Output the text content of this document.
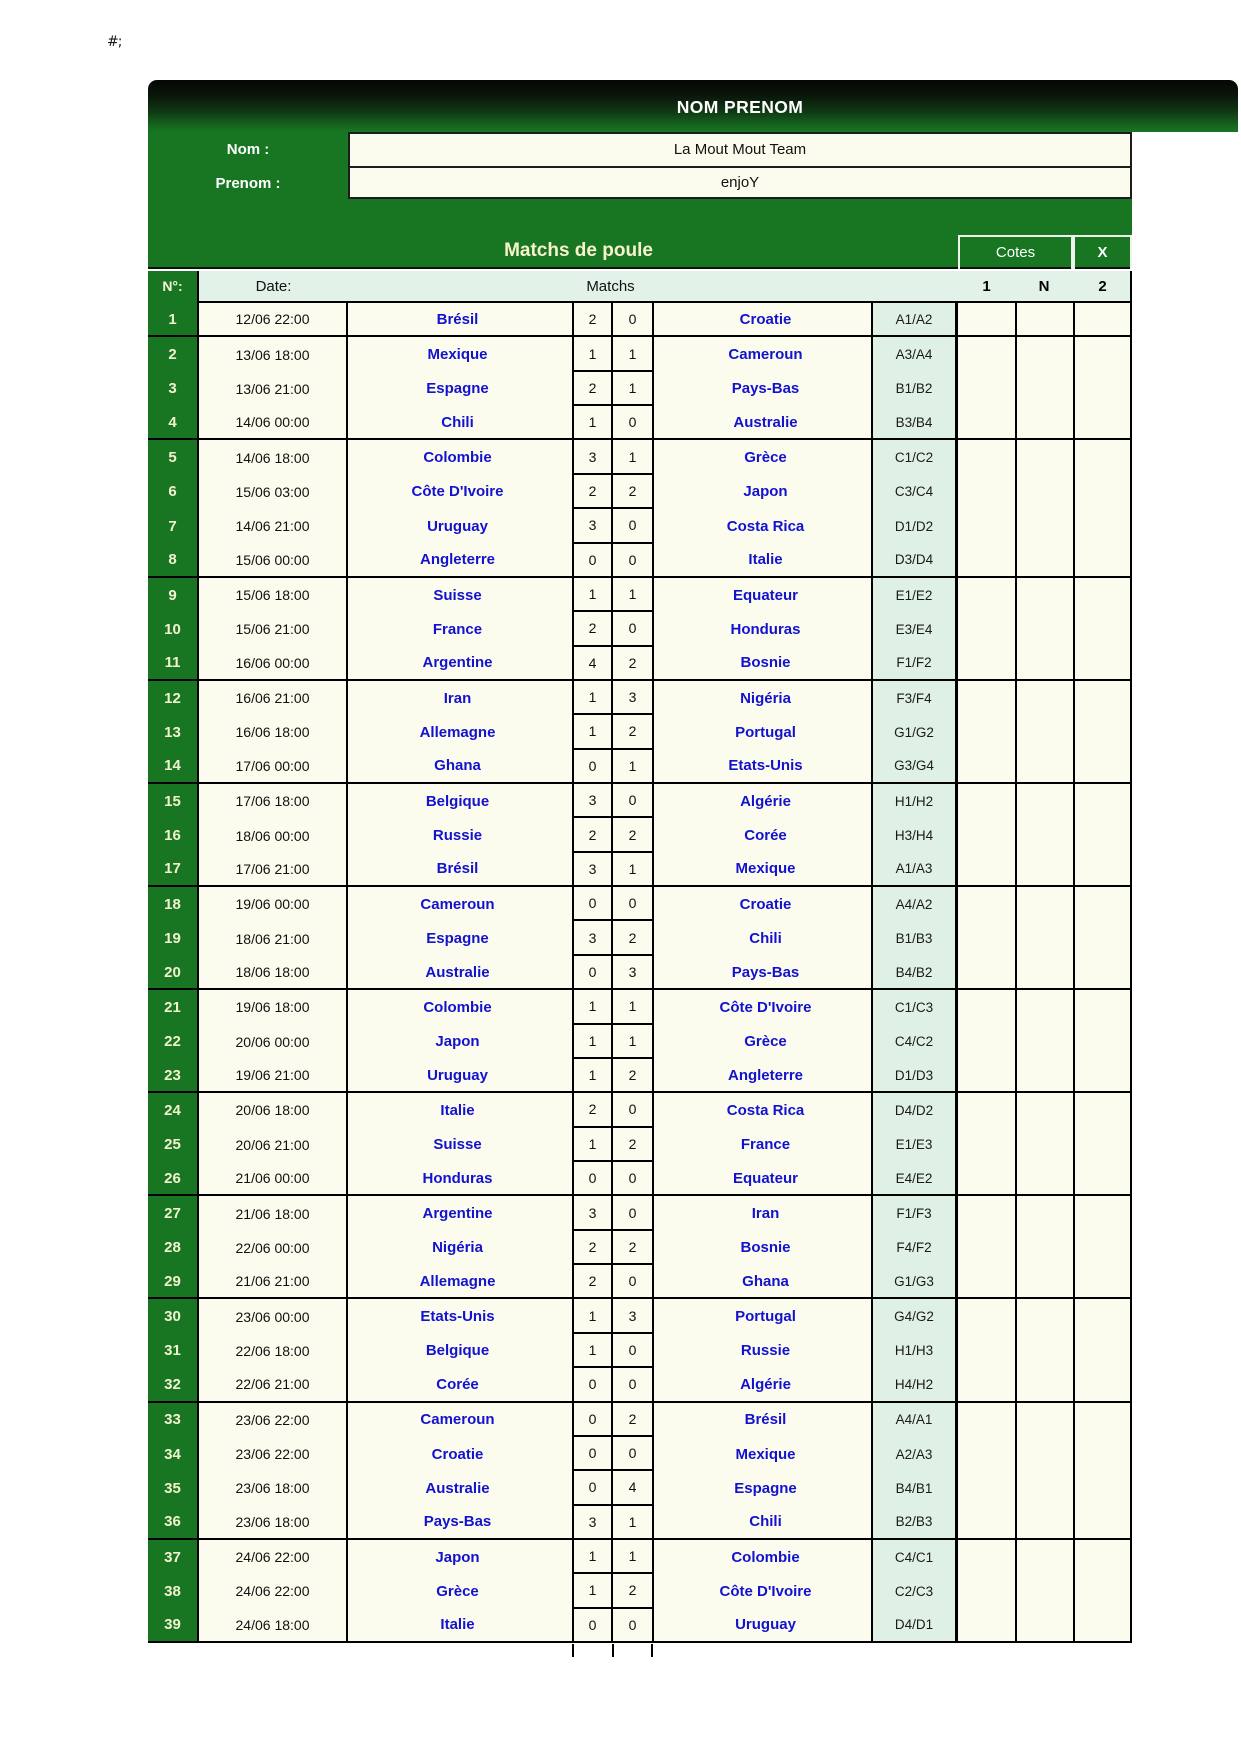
#;
NOM PRENOM
Nom :
Prenom :
La Mout Mout Team
enjoY
Matchs de poule	Cotes	X
N°:	Date:	Matchs	1	N	2
1	12/06 22:00	Brésil	2	0	Croatie	A1/A2
2	13/06 18:00	Mexique	1	1	Cameroun	A3/A4
3	13/06 21:00	Espagne	2	1	Pays-Bas	B1/B2
4	14/06 00:00	Chili	1	0	Australie	B3/B4
5	14/06 18:00	Colombie	3	1	Grèce	C1/C2
6	15/06 03:00	Côte D'Ivoire	2	2	Japon	C3/C4
7	14/06 21:00	Uruguay	3	0	Costa Rica	D1/D2
8	15/06 00:00	Angleterre	0	0	Italie	D3/D4
9	15/06 18:00	Suisse	1	1	Equateur	E1/E2
10	15/06 21:00	France	2	0	Honduras	E3/E4
11	16/06 00:00	Argentine	4	2	Bosnie	F1/F2
12	16/06 21:00	Iran	1	3	Nigéria	F3/F4
13	16/06 18:00	Allemagne	1	2	Portugal	G1/G2
14	17/06 00:00	Ghana	0	1	Etats-Unis	G3/G4
15	17/06 18:00	Belgique	3	0	Algérie	H1/H2
16	18/06 00:00	Russie	2	2	Corée	H3/H4
17	17/06 21:00	Brésil	3	1	Mexique	A1/A3
18	19/06 00:00	Cameroun	0	0	Croatie	A4/A2
19	18/06 21:00	Espagne	3	2	Chili	B1/B3
20	18/06 18:00	Australie	0	3	Pays-Bas	B4/B2
21	19/06 18:00	Colombie	1	1	Côte D'Ivoire	C1/C3
22	20/06 00:00	Japon	1	1	Grèce	C4/C2
23	19/06 21:00	Uruguay	1	2	Angleterre	D1/D3
24	20/06 18:00	Italie	2	0	Costa Rica	D4/D2
25	20/06 21:00	Suisse	1	2	France	E1/E3
26	21/06 00:00	Honduras	0	0	Equateur	E4/E2
27	21/06 18:00	Argentine	3	0	Iran	F1/F3
28	22/06 00:00	Nigéria	2	2	Bosnie	F4/F2
29	21/06 21:00	Allemagne	2	0	Ghana	G1/G3
30	23/06 00:00	Etats-Unis	1	3	Portugal	G4/G2
31	22/06 18:00	Belgique	1	0	Russie	H1/H3
32	22/06 21:00	Corée	0	0	Algérie	H4/H2
33	23/06 22:00	Cameroun	0	2	Brésil	A4/A1
34	23/06 22:00	Croatie	0	0	Mexique	A2/A3
35	23/06 18:00	Australie	0	4	Espagne	B4/B1
36	23/06 18:00	Pays-Bas	3	1	Chili	B2/B3
37	24/06 22:00	Japon	1	1	Colombie	C4/C1
38	24/06 22:00	Grèce	1	2	Côte D'Ivoire	C2/C3
39	24/06 18:00	Italie	0	0	Uruguay	D4/D1
